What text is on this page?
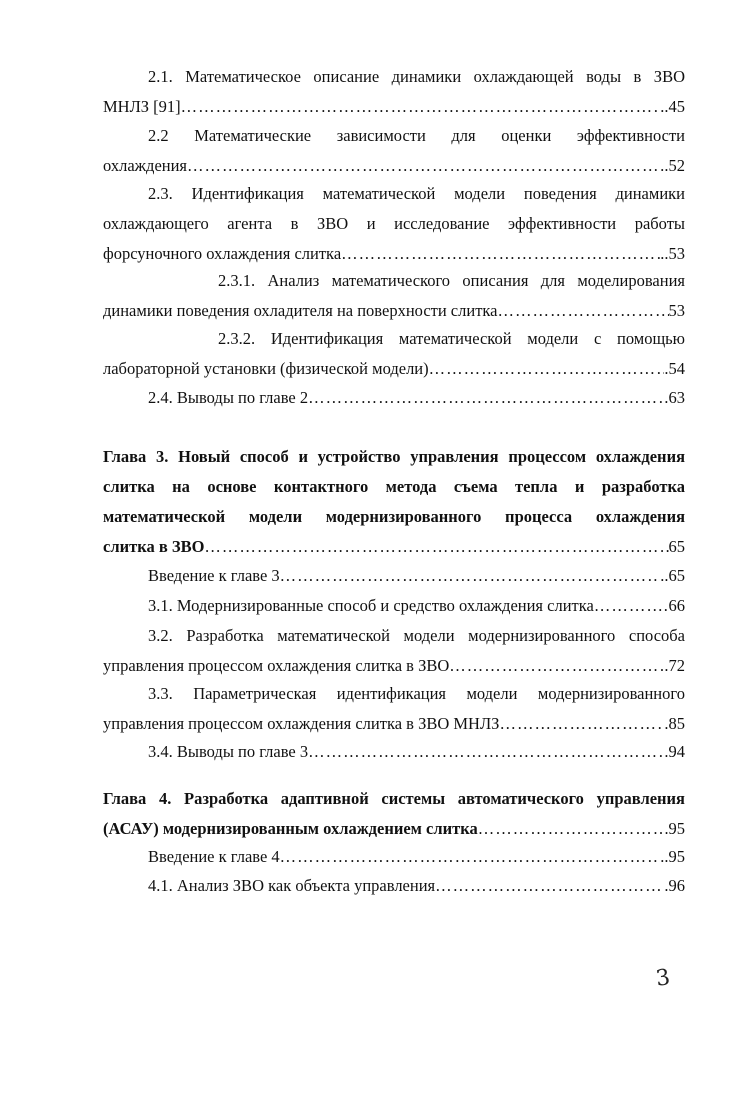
2.1. Математическое описание динамики охлаждающей воды в ЗВО
МНЛЗ [91] ……………………………………………………………………………………………………………………………………………………………………	..45
2.2 Математические зависимости для оценки эффективности
охлаждения ……………………………………………………………………………………………………………………………………………………………………	.52
2.3. Идентификация математической модели поведения динамики
охлаждающего агента в ЗВО и исследование эффективности работы
форсуночного охлаждения слитка ……………………………………………………………………………………………………………………………………………………………………	..53
2.3.1. Анализ математического описания для моделирования
динамики поведения охладителя на поверхности слитка ……………………………………………………………………………………………………………………………………………………………………	53
2.3.2. Идентификация математической модели с помощью
лабораторной установки (физической модели) ……………………………………………………………………………………………………………………………………………………………………	.54
2.4. Выводы по главе 2 ……………………………………………………………………………………………………………………………………………………………………	63
Глава 3. Новый способ и устройство управления процессом охлаждения
слитка на основе контактного метода съема тепла и разработка
математической модели модернизированного процесса охлаждения
слитка в ЗВО ……………………………………………………………………………………………………………………………………………………………………	65
Введение к главе 3 ……………………………………………………………………………………………………………………………………………………………………	..65
3.1. Модернизированные способ и средство охлаждения слитка ……………………………………………………………………………………………………………………………………………………………………	…66
3.2. Разработка математической модели модернизированного способа
управления процессом охлаждения слитка в ЗВО ……………………………………………………………………………………………………………………………………………………………………	.72
3.3. Параметрическая идентификация модели модернизированного
управления процессом охлаждения слитка в ЗВО МНЛЗ ……………………………………………………………………………………………………………………………………………………………………	.85
3.4. Выводы по главе 3 ……………………………………………………………………………………………………………………………………………………………………	.94
Глава 4. Разработка адаптивной системы автоматического управления
(АСАУ) модернизированным охлаждением слитка ……………………………………………………………………………………………………………………………………………………………………	95
Введение к главе 4 ……………………………………………………………………………………………………………………………………………………………………	..95
4.1. Анализ ЗВО как объекта управления ……………………………………………………………………………………………………………………………………………………………………	.96
3
